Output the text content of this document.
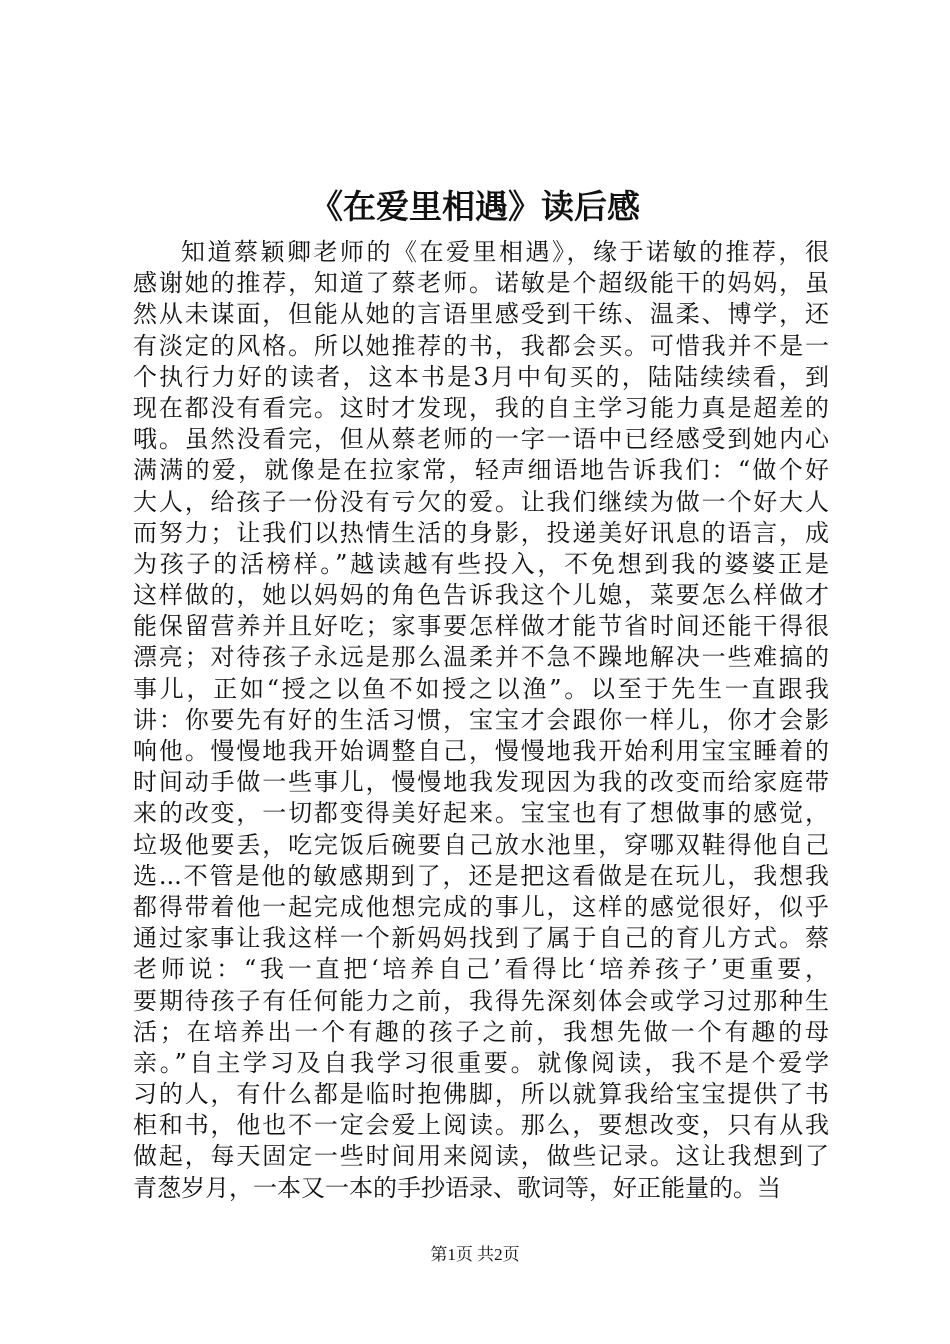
《在爱里相遇》读后感
知道蔡颖卿老师的《在爱里相遇》，缘于诺敏的推荐，很
感谢她的推荐，知道了蔡老师。诺敏是个超级能干的妈妈，虽
然从未谋面，但能从她的言语里感受到干练、温柔、博学，还
有淡定的风格。所以她推荐的书，我都会买。可惜我并不是一
个执行力好的读者，这本书是3月中旬买的，陆陆续续看，到
现在都没有看完。这时才发现，我的自主学习能力真是超差的
哦。虽然没看完，但从蔡老师的一字一语中已经感受到她内心
满满的爱，就像是在拉家常，轻声细语地告诉我们：“做个好
大人，给孩子一份没有亏欠的爱。让我们继续为做一个好大人
而努力；让我们以热情生活的身影，投递美好讯息的语言，成
为孩子的活榜样。”越读越有些投入，不免想到我的婆婆正是
这样做的，她以妈妈的角色告诉我这个儿媳，菜要怎么样做才
能保留营养并且好吃；家事要怎样做才能节省时间还能干得很
漂亮；对待孩子永远是那么温柔并不急不躁地解决一些难搞的
事儿，正如“授之以鱼不如授之以渔”。以至于先生一直跟我
讲：你要先有好的生活习惯，宝宝才会跟你一样儿，你才会影
响他。慢慢地我开始调整自己，慢慢地我开始利用宝宝睡着的
时间动手做一些事儿，慢慢地我发现因为我的改变而给家庭带
来的改变，一切都变得美好起来。宝宝也有了想做事的感觉，
垃圾他要丢，吃完饭后碗要自己放水池里，穿哪双鞋得他自己
选...不管是他的敏感期到了，还是把这看做是在玩儿，我想我
都得带着他一起完成他想完成的事儿，这样的感觉很好，似乎
通过家事让我这样一个新妈妈找到了属于自己的育儿方式。蔡
老师说：“我一直把‘培养自己’看得比‘培养孩子’更重要，
要期待孩子有任何能力之前，我得先深刻体会或学习过那种生
活；在培养出一个有趣的孩子之前，我想先做一个有趣的母
亲。”自主学习及自我学习很重要。就像阅读，我不是个爱学
习的人，有什么都是临时抱佛脚，所以就算我给宝宝提供了书
柜和书，他也不一定会爱上阅读。那么，要想改变，只有从我
做起，每天固定一些时间用来阅读，做些记录。这让我想到了
青葱岁月，一本又一本的手抄语录、歌词等，好正能量的。当
第1页 共2页
